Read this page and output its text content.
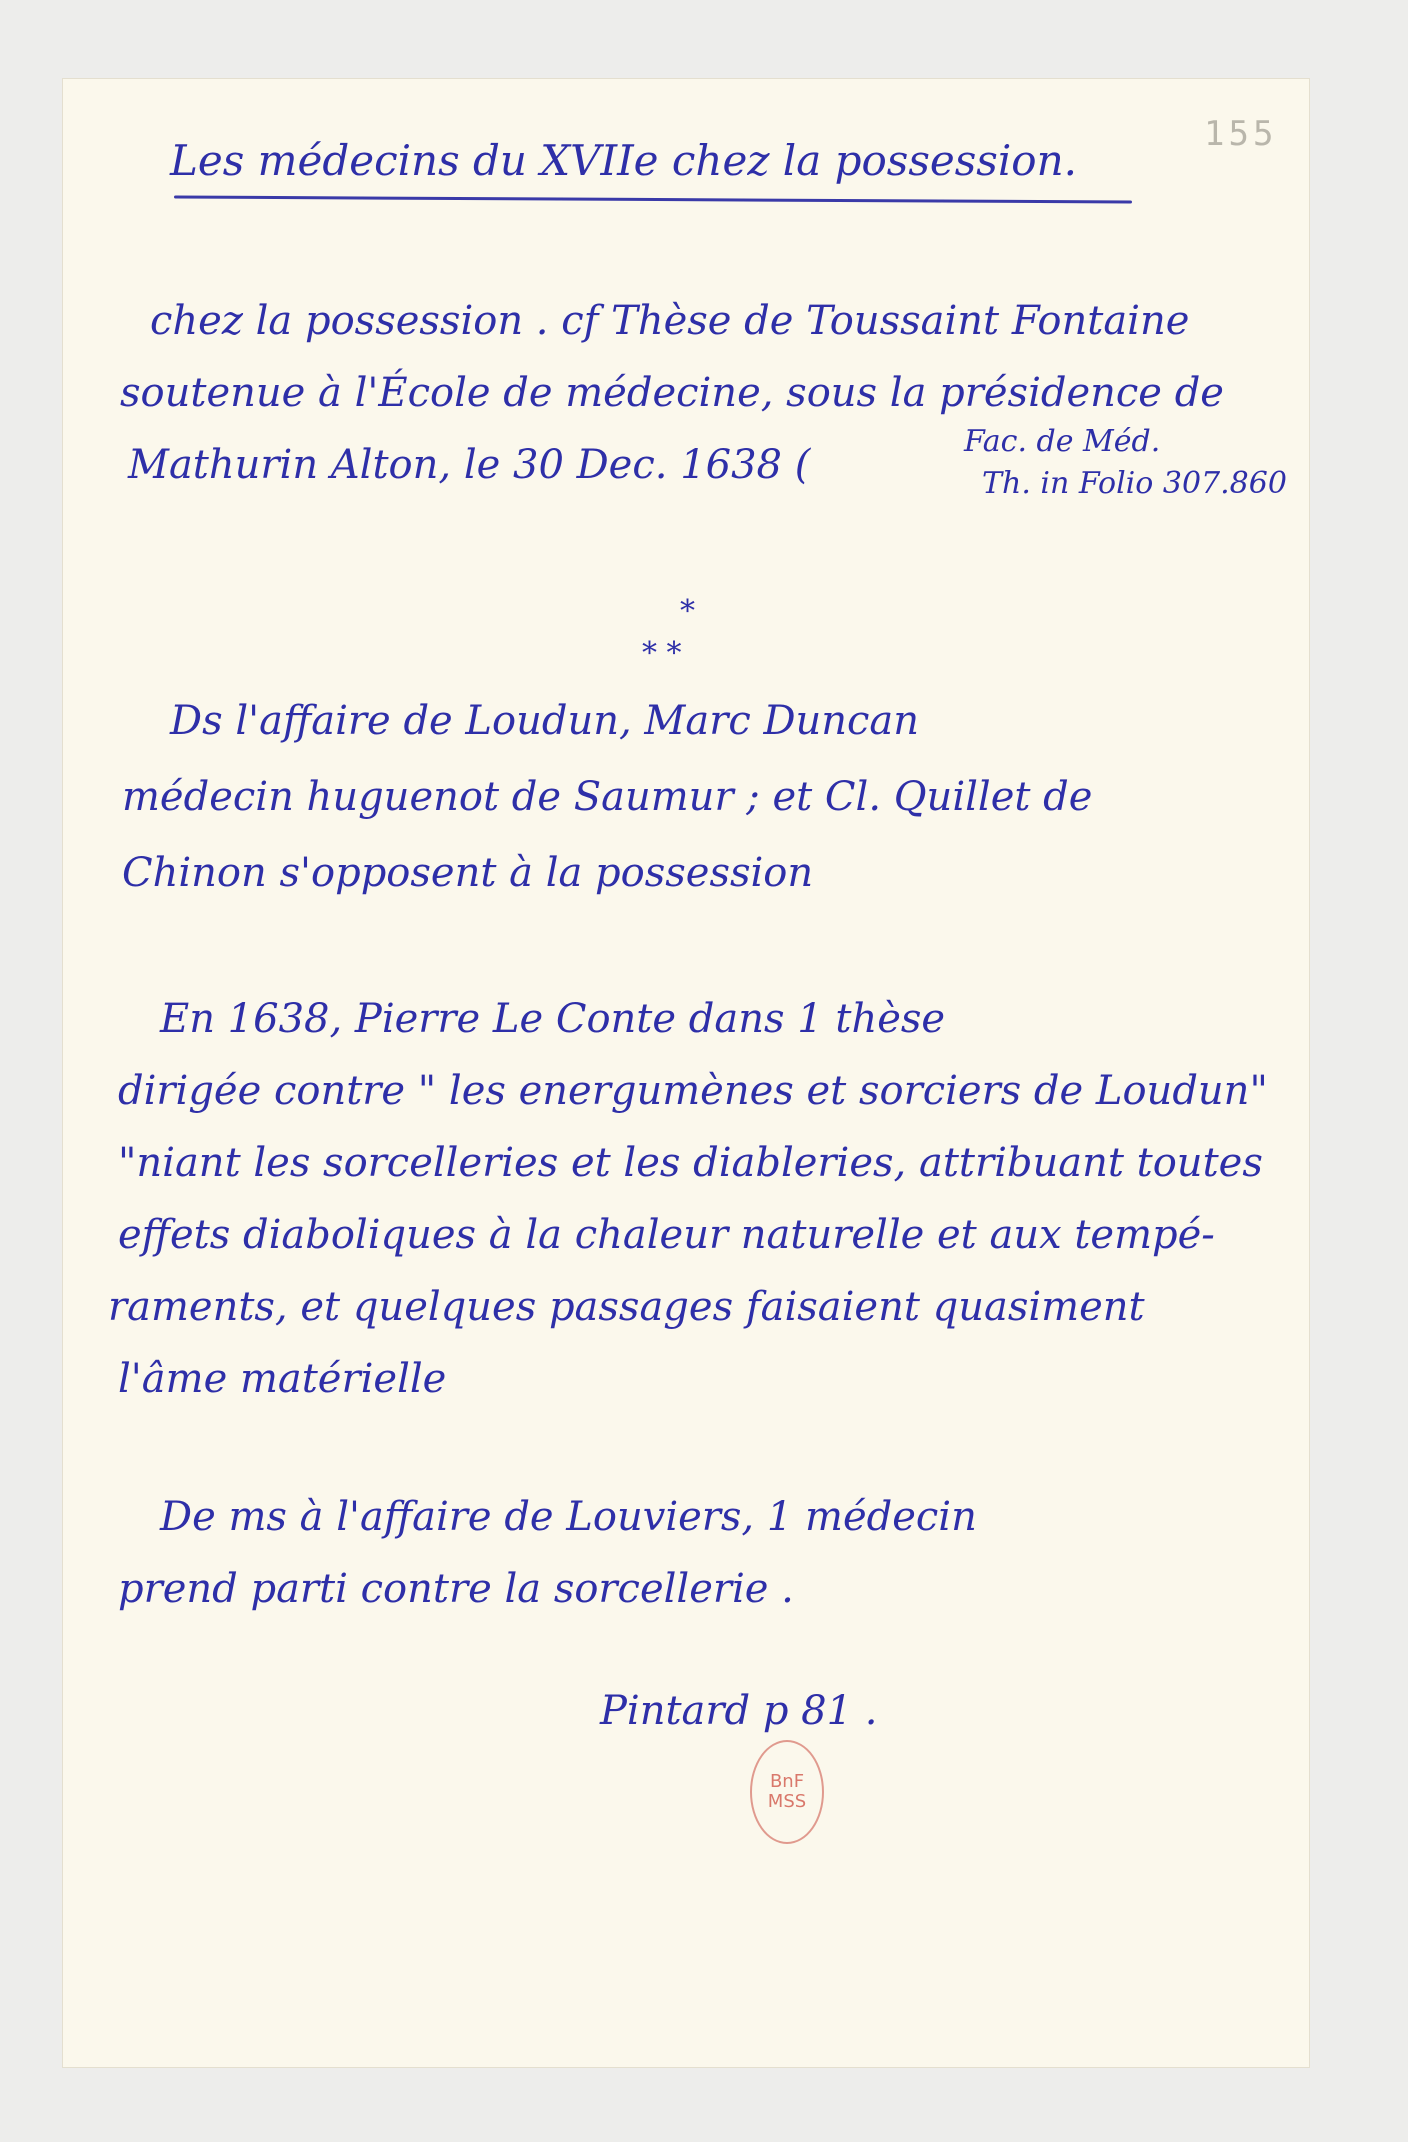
155
Les médecins du XVIIe chez la possession.
chez la possession . cf Thèse de Toussaint Fontaine
soutenue à l'École de médecine, sous la présidence de
Mathurin Alton, le 30 Dec. 1638 (
Fac. de Méd.
Th. in Folio 307.860
*
* *
Ds l'affaire de Loudun, Marc Duncan
médecin huguenot de Saumur ; et Cl. Quillet de
Chinon s'opposent à la possession
En 1638, Pierre Le Conte dans 1 thèse
dirigée contre " les energumènes et sorciers de Loudun"
"niant les sorcelleries et les diableries, attribuant toutes
effets diaboliques à la chaleur naturelle et aux tempé-
raments, et quelques passages faisaient quasiment
l'âme matérielle
De ms à l'affaire de Louviers, 1 médecin
prend parti contre la sorcellerie .
Pintard p 81 .
BnF
MSS
